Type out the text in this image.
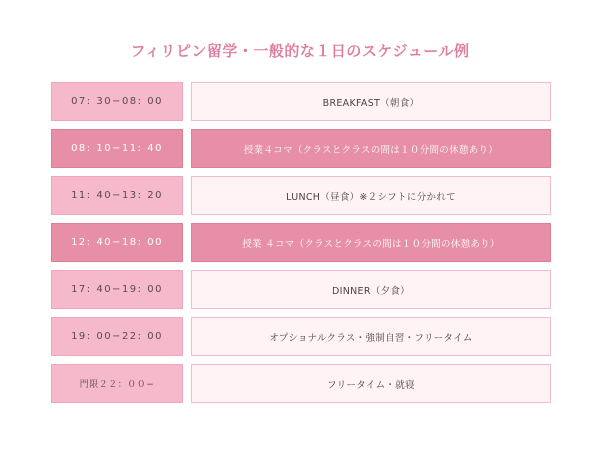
フィリピン留学・一般的な１日のスケジュール例
07: 30−08: 00	BREAKFAST（朝食）
08: 10−11: 40	授業４コマ（クラスとクラスの間は１０分間の休憩あり）
11: 40−13: 20	LUNCH（昼食）※２シフトに分かれて
12: 40−18: 00	授業 ４コマ（クラスとクラスの間は１０分間の休憩あり）
17: 40−19: 00	DINNER（夕食）
19: 00−22: 00	オプショナルクラス・強制自習・フリータイム
門限２２：００−	フリータイム・就寝
